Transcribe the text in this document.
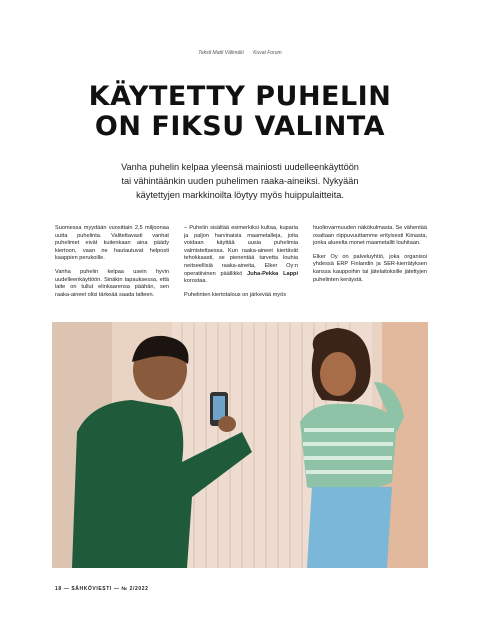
Teksti Matti Välimäki Kuvat Forum
KÄYTETTY PUHELIN
ON FIKSU VALINTA
Vanha puhelin kelpaa yleensä mainiosti uudelleenkäyttöön
tai vähintäänkin uuden puhelimen raaka-aineiksi. Nykyään
käytettyjen markkinoilta löytyy myös huippulaitteita.

Suomessa myydään vuosittain 2,5 miljoonaa uutta puhelinta. Valitettavasti vanhat puhelimet eivät kuitenkaan aina päädy kiertoon, vaan ne hautautuvat helposti kaappien perukoille.

Vanha puhelin kelpaa usein hyvin uudelleenkäyttöön. Sinäkin tapauksessa, että laite on tullut elinkaarensa päähän, sen raaka-aineet olisi tärkeää saada talteen.

– Puhelin sisältää esimerkiksi kultaa, kuparia ja paljon harvinaisia maametalleja, joita voidaan käyttää uusia puhelimia valmistettaessa. Kun raaka-aineet kiertävät tehokkaasti, se pienentää tarvetta louhia neitseellisiä raaka-aineita, Elker Oy:n operatiivinen päällikkö Juha-Pekka Lappi korostaa.

Puhelinten kiertotalous on järkevää myös

huoltovarmuuden näkökulmasta. Se vähentää osaltaan riippuvuuttamme erityisesti Kiinasta, jonka alueelta monet maametallit louhitaan.

Elker Oy on palveluyhtiö, joka organisoi yhdessä ERP Finlandin ja SER-kierrätyksen kanssa kauppoihin tai jätelaitoksille jätettyjen puhelinten keräystä.

18 — SÄHKÖVIESTI — № 2/2022
